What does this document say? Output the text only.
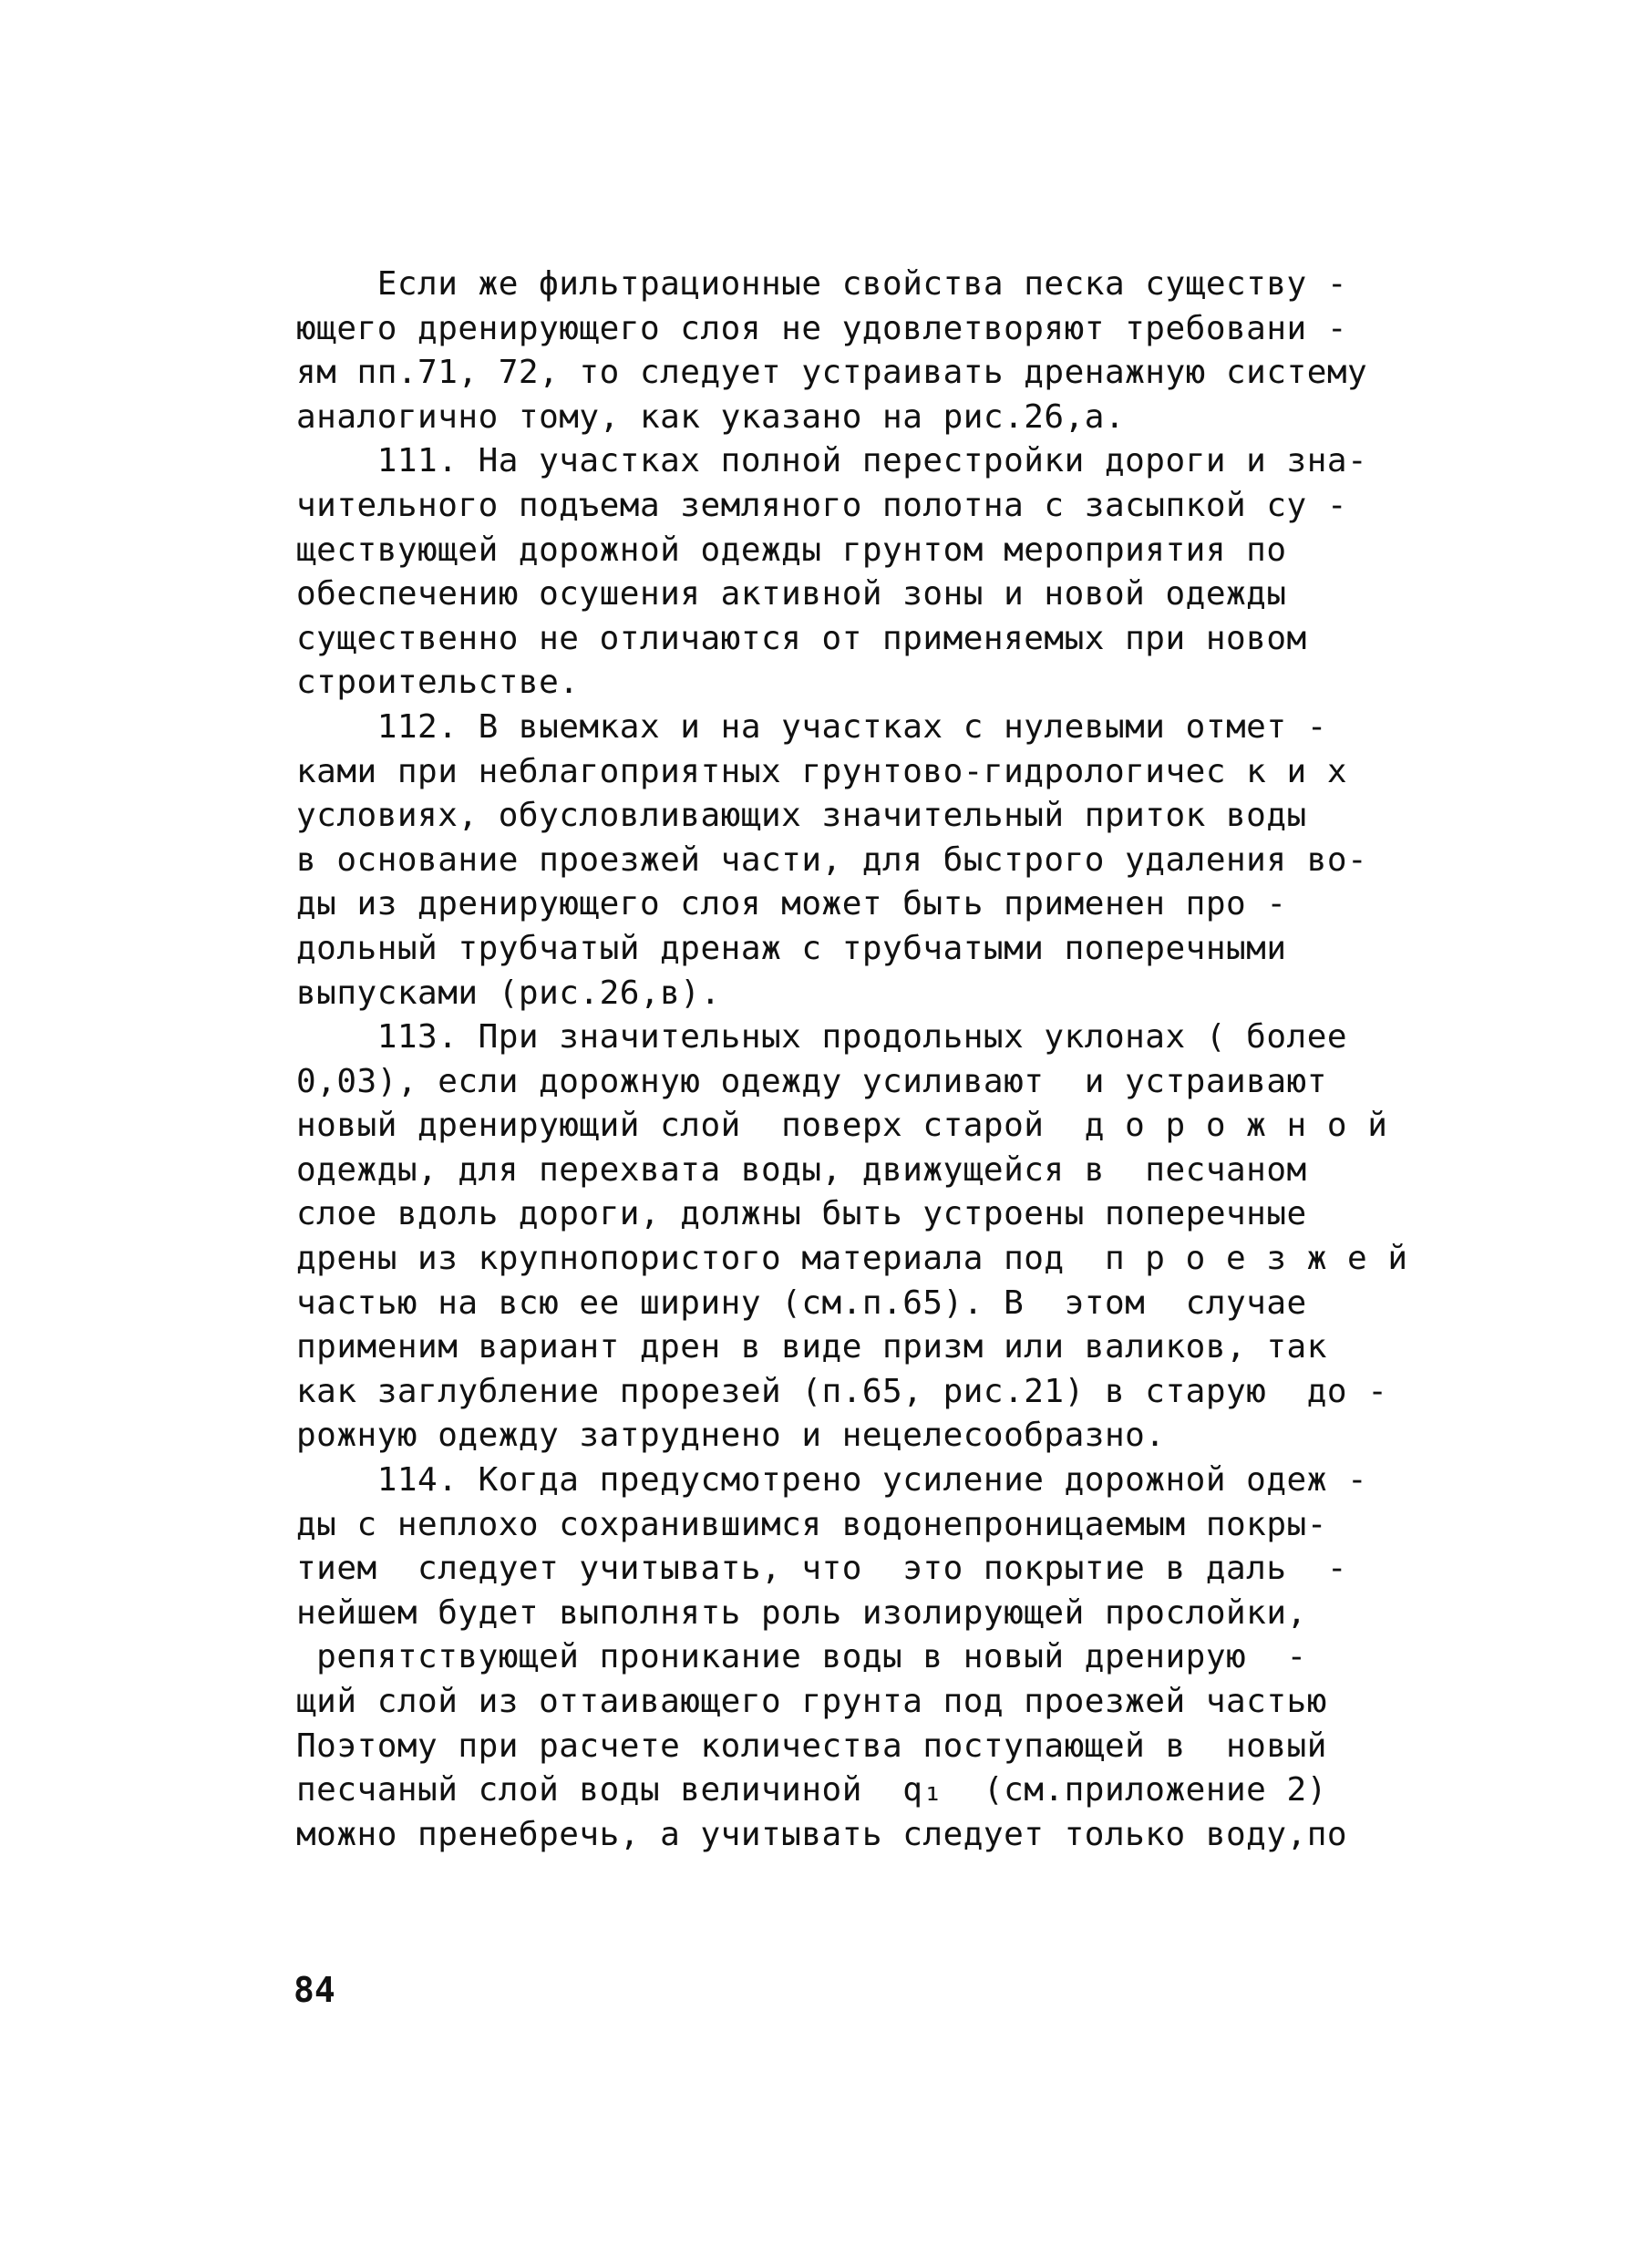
Если же фильтрационные свойства песка существу -
ющего дренирующего слоя не удовлетворяют требовани -
ям пп.71, 72, то следует устраивать дренажную систему
аналогично тому, как указано на рис.26,а.
111. На участках полной перестройки дороги и зна-
чительного подъема земляного полотна с засыпкой су -
ществующей дорожной одежды грунтом мероприятия по
обеспечению осушения активной зоны и новой одежды
существенно не отличаются от применяемых при новом
строительстве.
112. В выемках и на участках с нулевыми отмет -
ками при неблагоприятных грунтово-гидрологичес к и х
условиях, обусловливающих значительный приток воды
в основание проезжей части, для быстрого удаления во-
ды из дренирующего слоя может быть применен про -
дольный трубчатый дренаж с трубчатыми поперечными
выпусками (рис.26,в).
113. При значительных продольных уклонах ( более
0,03), если дорожную одежду усиливают  и устраивают
новый дренирующий слой  поверх старой  д о р о ж н о й
одежды, для перехвата воды, движущейся в  песчаном
слое вдоль дороги, должны быть устроены поперечные
дрены из крупнопористого материала под  п р о е з ж е й
частью на всю ее ширину (см.п.65). В  этом  случае
применим вариант дрен в виде призм или валиков, так
как заглубление прорезей (п.65, рис.21) в старую  до -
рожную одежду затруднено и нецелесообразно.
114. Когда предусмотрено усиление дорожной одеж -
ды с неплохо сохранившимся водонепроницаемым покры-
тием  следует учитывать, что  это покрытие в даль  -
нейшем будет выполнять роль изолирующей прослойки,
репятствующей проникание воды в новый дренирую  -
щий слой из оттаивающего грунта под проезжей частью
Поэтому при расчете количества поступающей в  новый
песчаный слой воды величиной  q₁  (см.приложение 2)
можно пренебречь, а учитывать следует только воду,по
84
